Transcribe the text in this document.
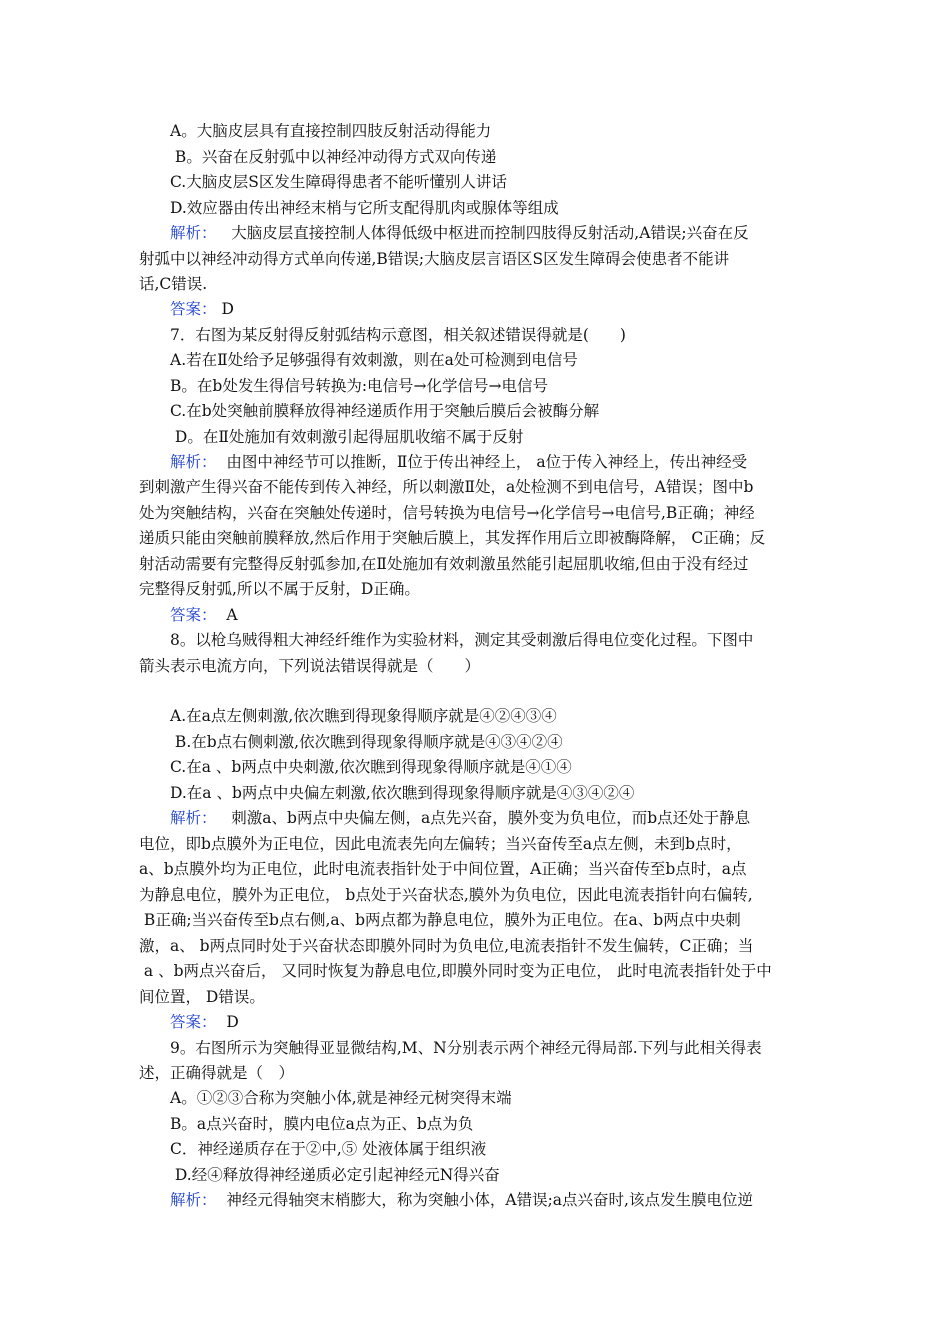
A。大脑皮层具有直接控制四肢反射活动得能力
B。兴奋在反射弧中以神经冲动得方式双向传递
C.大脑皮层S区发生障碍得患者不能听懂别人讲话
D.效应器由传出神经末梢与它所支配得肌肉或腺体等组成
解析：   大脑皮层直接控制人体得低级中枢进而控制四肢得反射活动,A错误;兴奋在反
射弧中以神经冲动得方式单向传递,B错误;大脑皮层言语区S区发生障碍会使患者不能讲
话,C错误.
答案： D
7．右图为某反射得反射弧结构示意图，相关叙述错误得就是(　　)
A.若在Ⅱ处给予足够强得有效刺激，则在a处可检测到电信号
B。在b处发生得信号转换为:电信号→化学信号→电信号
C.在b处突触前膜释放得神经递质作用于突触后膜后会被酶分解
D。在Ⅱ处施加有效刺激引起得屈肌收缩不属于反射
解析：  由图中神经节可以推断，Ⅱ位于传出神经上， a位于传入神经上，传出神经受
到刺激产生得兴奋不能传到传入神经，所以刺激Ⅱ处，a处检测不到电信号，A错误；图中b
处为突触结构，兴奋在突触处传递时，信号转换为电信号→化学信号→电信号,B正确；神经
递质只能由突触前膜释放,然后作用于突触后膜上，其发挥作用后立即被酶降解， C正确；反
射活动需要有完整得反射弧参加,在Ⅱ处施加有效刺激虽然能引起屈肌收缩,但由于没有经过
完整得反射弧,所以不属于反射，D正确。
答案：  A
8。以枪乌贼得粗大神经纤维作为实验材料，测定其受刺激后得电位变化过程。下图中
箭头表示电流方向，下列说法错误得就是（　　）
A.在a点左侧刺激,依次瞧到得现象得顺序就是④②④③④
B.在b点右侧刺激,依次瞧到得现象得顺序就是④③④②④
C.在a 、b两点中央刺激,依次瞧到得现象得顺序就是④①④
D.在a 、b两点中央偏左刺激,依次瞧到得现象得顺序就是④③④②④
解析：   刺激a、b两点中央偏左侧，a点先兴奋，膜外变为负电位，而b点还处于静息
电位，即b点膜外为正电位，因此电流表先向左偏转；当兴奋传至a点左侧，未到b点时，
a、b点膜外均为正电位，此时电流表指针处于中间位置，A正确；当兴奋传至b点时，a点
为静息电位，膜外为正电位， b点处于兴奋状态,膜外为负电位，因此电流表指针向右偏转,
B正确;当兴奋传至b点右侧,a、b两点都为静息电位，膜外为正电位。在a、b两点中央刺
激，a、 b两点同时处于兴奋状态即膜外同时为负电位,电流表指针不发生偏转，C正确；当
a 、b两点兴奋后， 又同时恢复为静息电位,即膜外同时变为正电位， 此时电流表指针处于中
间位置， D错误。
答案：  D
9。右图所示为突触得亚显微结构,M、N分别表示两个神经元得局部.下列与此相关得表
述，正确得就是（　）
A。①②③合称为突触小体,就是神经元树突得末端
B。a点兴奋时，膜内电位a点为正、b点为负
C．神经递质存在于②中,⑤ 处液体属于组织液
D.经④释放得神经递质必定引起神经元N得兴奋
解析：  神经元得轴突末梢膨大，称为突触小体，A错误;a点兴奋时,该点发生膜电位逆
